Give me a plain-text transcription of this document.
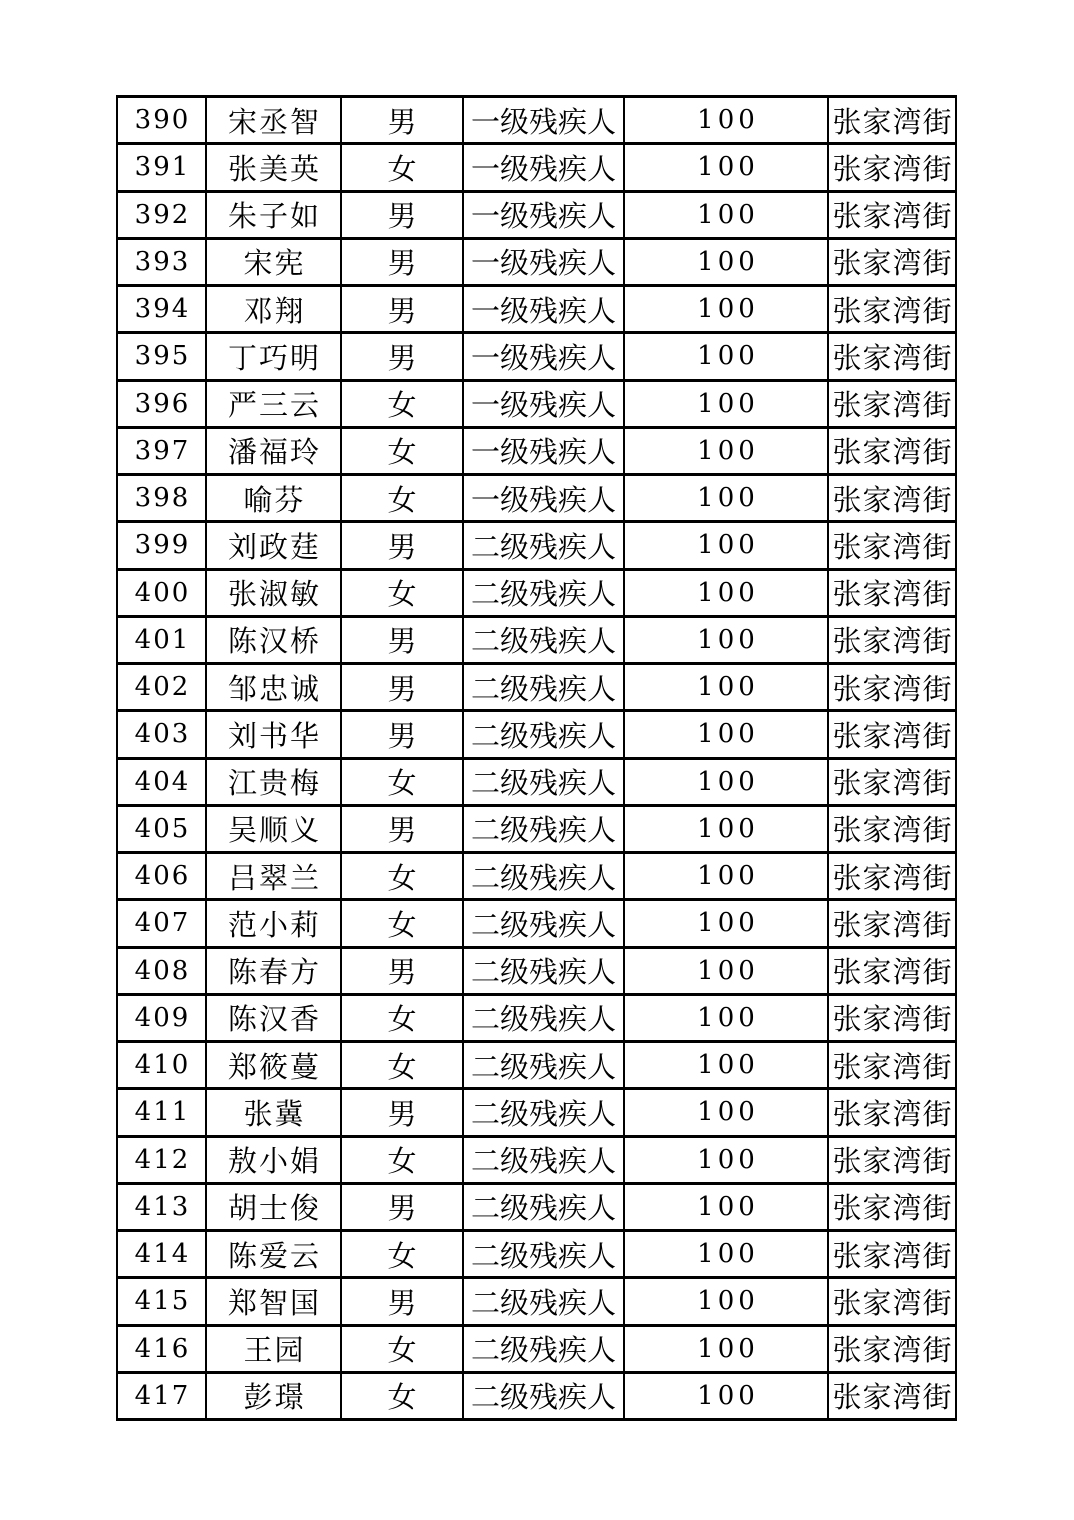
390	宋丞智	男	一级残疾人	100	张家湾街
391	张美英	女	一级残疾人	100	张家湾街
392	朱子如	男	一级残疾人	100	张家湾街
393	宋宪	男	一级残疾人	100	张家湾街
394	邓翔	男	一级残疾人	100	张家湾街
395	丁巧明	男	一级残疾人	100	张家湾街
396	严三云	女	一级残疾人	100	张家湾街
397	潘福玲	女	一级残疾人	100	张家湾街
398	喻芬	女	一级残疾人	100	张家湾街
399	刘政莛	男	二级残疾人	100	张家湾街
400	张淑敏	女	二级残疾人	100	张家湾街
401	陈汉桥	男	二级残疾人	100	张家湾街
402	邹忠诚	男	二级残疾人	100	张家湾街
403	刘书华	男	二级残疾人	100	张家湾街
404	江贵梅	女	二级残疾人	100	张家湾街
405	吴顺义	男	二级残疾人	100	张家湾街
406	吕翠兰	女	二级残疾人	100	张家湾街
407	范小莉	女	二级残疾人	100	张家湾街
408	陈春方	男	二级残疾人	100	张家湾街
409	陈汉香	女	二级残疾人	100	张家湾街
410	郑筱蔓	女	二级残疾人	100	张家湾街
411	张冀	男	二级残疾人	100	张家湾街
412	敖小娟	女	二级残疾人	100	张家湾街
413	胡士俊	男	二级残疾人	100	张家湾街
414	陈爱云	女	二级残疾人	100	张家湾街
415	郑智国	男	二级残疾人	100	张家湾街
416	王园	女	二级残疾人	100	张家湾街
417	彭璟	女	二级残疾人	100	张家湾街
